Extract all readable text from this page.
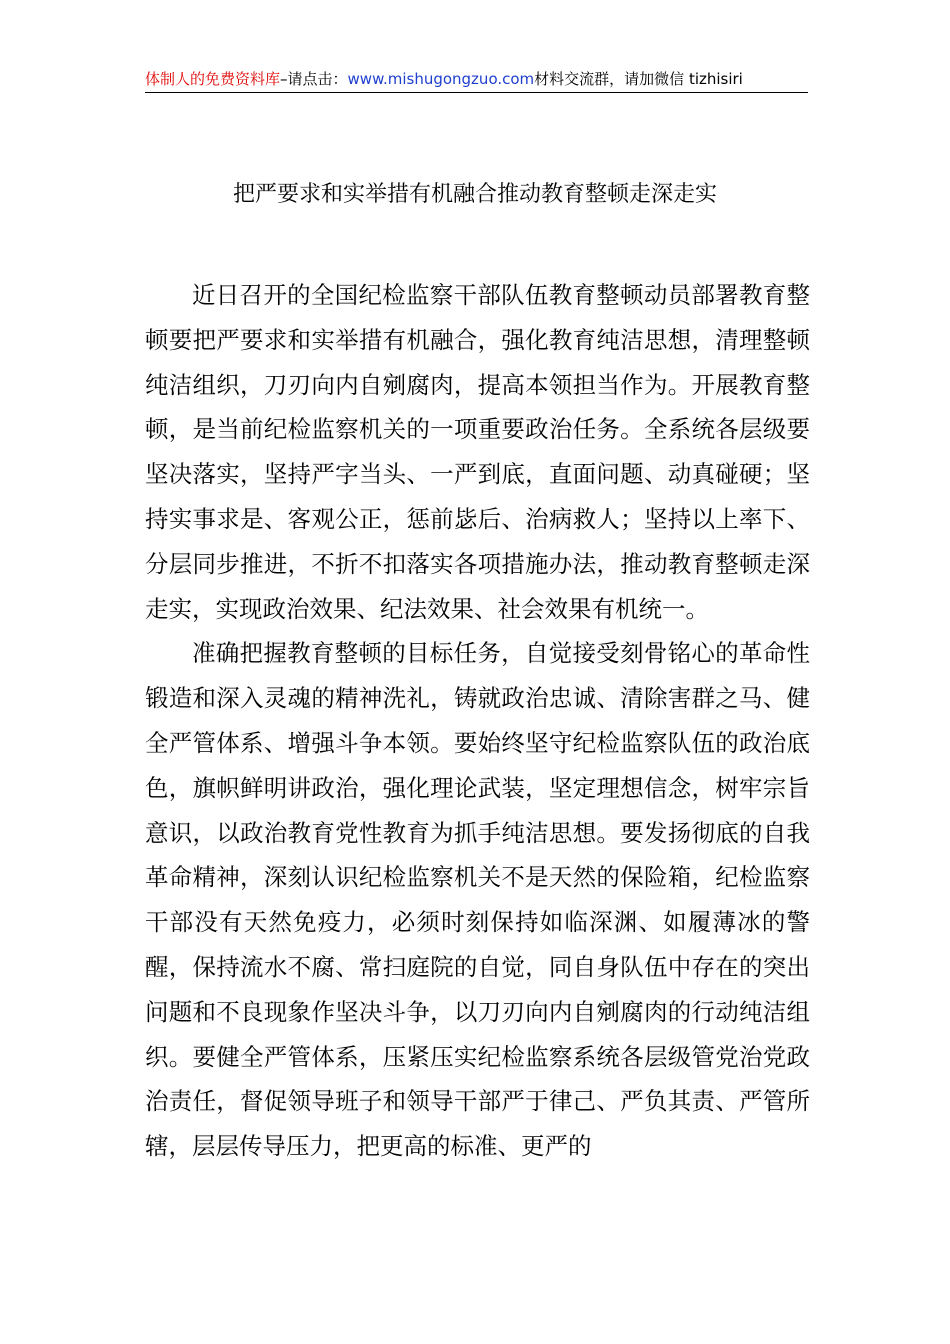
体制人的免费资料库–请点击：www.mishugongzuo.com材料交流群，请加微信 tizhisiri
把严要求和实举措有机融合推动教育整顿走深走实

近日召开的全国纪检监察干部队伍教育整顿动员部署教育整顿要把严要求和实举措有机融合，强化教育纯洁思想，清理整顿纯洁组织，刀刃向内自剜腐肉，提高本领担当作为。开展教育整顿，是当前纪检监察机关的一项重要政治任务。全系统各层级要坚决落实，坚持严字当头、一严到底，直面问题、动真碰硬；坚持实事求是、客观公正，惩前毖后、治病救人；坚持以上率下、分层同步推进，不折不扣落实各项措施办法，推动教育整顿走深走实，实现政治效果、纪法效果、社会效果有机统一。

准确把握教育整顿的目标任务，自觉接受刻骨铭心的革命性锻造和深入灵魂的精神洗礼，铸就政治忠诚、清除害群之马、健全严管体系、增强斗争本领。要始终坚守纪检监察队伍的政治底色，旗帜鲜明讲政治，强化理论武装，坚定理想信念，树牢宗旨意识，以政治教育党性教育为抓手纯洁思想。要发扬彻底的自我革命精神，深刻认识纪检监察机关不是天然的保险箱，纪检监察干部没有天然免疫力，必须时刻保持如临深渊、如履薄冰的警醒，保持流水不腐、常扫庭院的自觉，同自身队伍中存在的突出问题和不良现象作坚决斗争，以刀刃向内自剜腐肉的行动纯洁组织。要健全严管体系，压紧压实纪检监察系统各层级管党治党政治责任，督促领导班子和领导干部严于律己、严负其责、严管所辖，层层传导压力，把更高的标准、更严的
